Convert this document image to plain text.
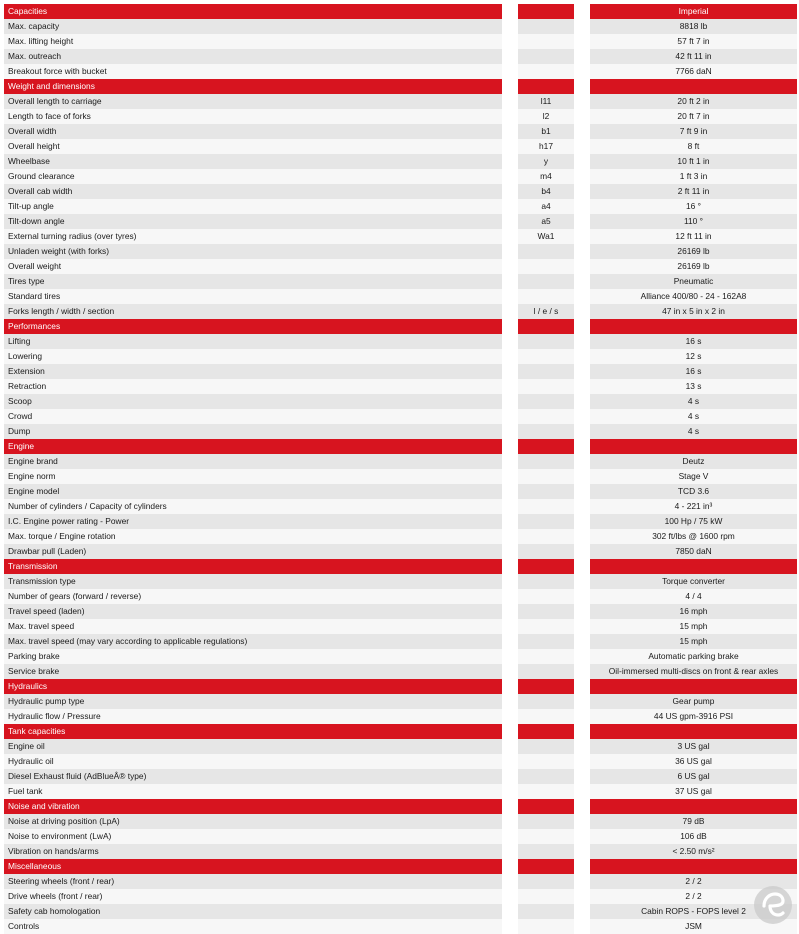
Capacities	Imperial
Max. capacity	8818 lb
Max. lifting height	57 ft 7 in
Max. outreach	42 ft 11 in
Breakout force with bucket	7766 daN
Weight and dimensions
Overall length to carriage	l11	20 ft 2 in
Length to face of forks	l2	20 ft 7 in
Overall width	b1	7 ft 9 in
Overall height	h17	8 ft
Wheelbase	y	10 ft 1 in
Ground clearance	m4	1 ft 3 in
Overall cab width	b4	2 ft 11 in
Tilt-up angle	a4	16 °
Tilt-down angle	a5	110 °
External turning radius (over tyres)	Wa1	12 ft 11 in
Unladen weight (with forks)	26169 lb
Overall weight	26169 lb
Tires type	Pneumatic
Standard tires	Alliance 400/80 - 24 - 162A8
Forks length / width / section	l / e / s	47 in x 5 in x 2 in
Performances
Lifting	16 s
Lowering	12 s
Extension	16 s
Retraction	13 s
Scoop	4 s
Crowd	4 s
Dump	4 s
Engine
Engine brand	Deutz
Engine norm	Stage V
Engine model	TCD 3.6
Number of cylinders / Capacity of cylinders	4 - 221 in³
I.C. Engine power rating - Power	100 Hp / 75 kW
Max. torque / Engine rotation	302 ft/lbs @ 1600 rpm
Drawbar pull (Laden)	7850 daN
Transmission
Transmission type	Torque converter
Number of gears (forward / reverse)	4 / 4
Travel speed (laden)	16 mph
Max. travel speed	15 mph
Max. travel speed (may vary according to applicable regulations)	15 mph
Parking brake	Automatic parking brake
Service brake	Oil-immersed multi-discs on front & rear axles
Hydraulics
Hydraulic pump type	Gear pump
Hydraulic flow / Pressure	44 US gpm-3916 PSI
Tank capacities
Engine oil	3 US gal
Hydraulic oil	36 US gal
Diesel Exhaust fluid (AdBlueÂ® type)	6 US gal
Fuel tank	37 US gal
Noise and vibration
Noise at driving position (LpA)	79 dB
Noise to environment (LwA)	106 dB
Vibration on hands/arms	< 2.50 m/s²
Miscellaneous
Steering wheels (front / rear)	2 / 2
Drive wheels (front / rear)	2 / 2
Safety cab homologation	Cabin ROPS - FOPS level 2
Controls	JSM
